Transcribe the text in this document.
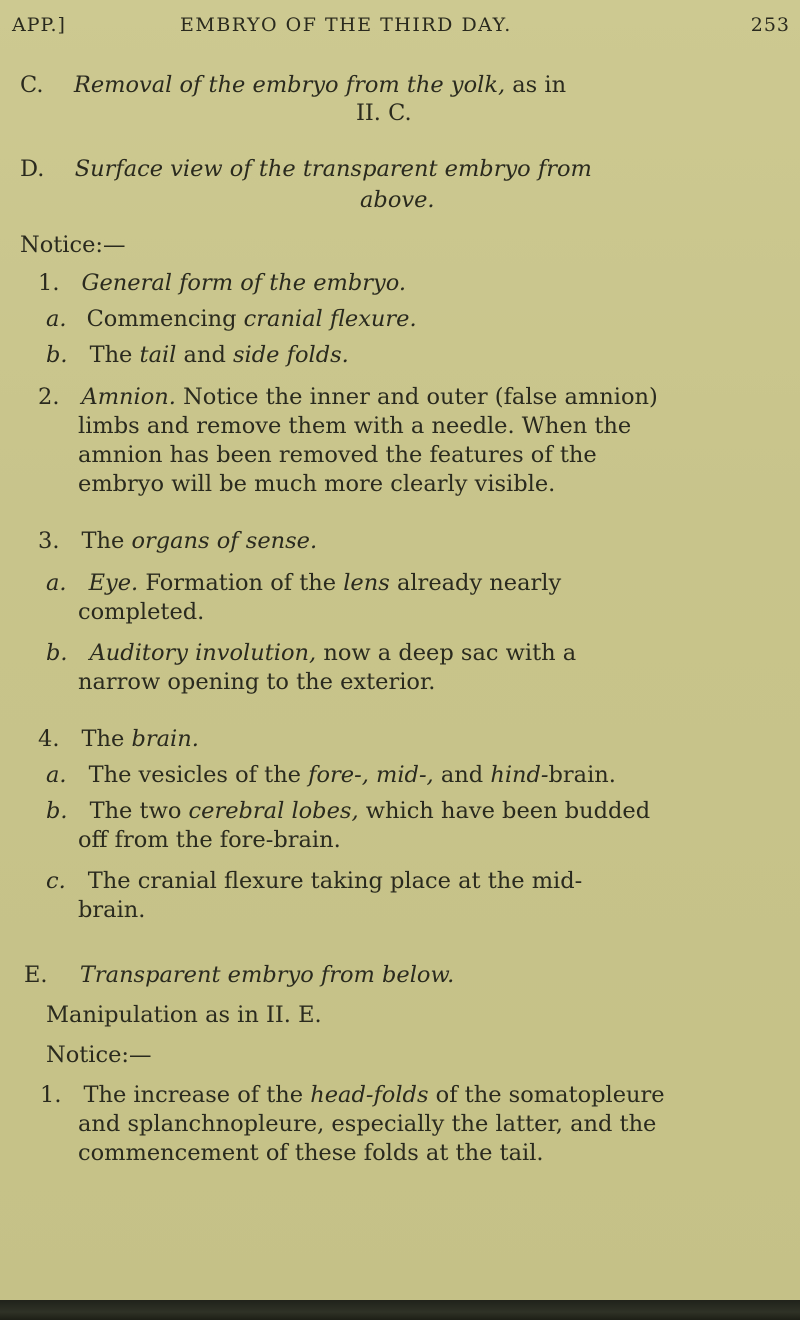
APP.]	EMBRYO OF THE THIRD DAY.	253
C. Removal of the embryo from the yolk, as in
II. C.
D. Surface view of the transparent embryo from
above.
Notice:—
1. General form of the embryo.
a. Commencing cranial flexure.
b. The tail and side folds.
2. Amnion. Notice the inner and outer (false amnion)
limbs and remove them with a needle. When the
amnion has been removed the features of the
embryo will be much more clearly visible.
3. The organs of sense.
a. Eye. Formation of the lens already nearly
completed.
b. Auditory involution, now a deep sac with a
narrow opening to the exterior.
4. The brain.
a. The vesicles of the fore-, mid-, and hind-brain.
b. The two cerebral lobes, which have been budded
off from the fore-brain.
c. The cranial flexure taking place at the mid-
brain.
E. Transparent embryo from below.
Manipulation as in II. E.
Notice:—
1. The increase of the head-folds of the somatopleure
and splanchnopleure, especially the latter, and the
commencement of these folds at the tail.
